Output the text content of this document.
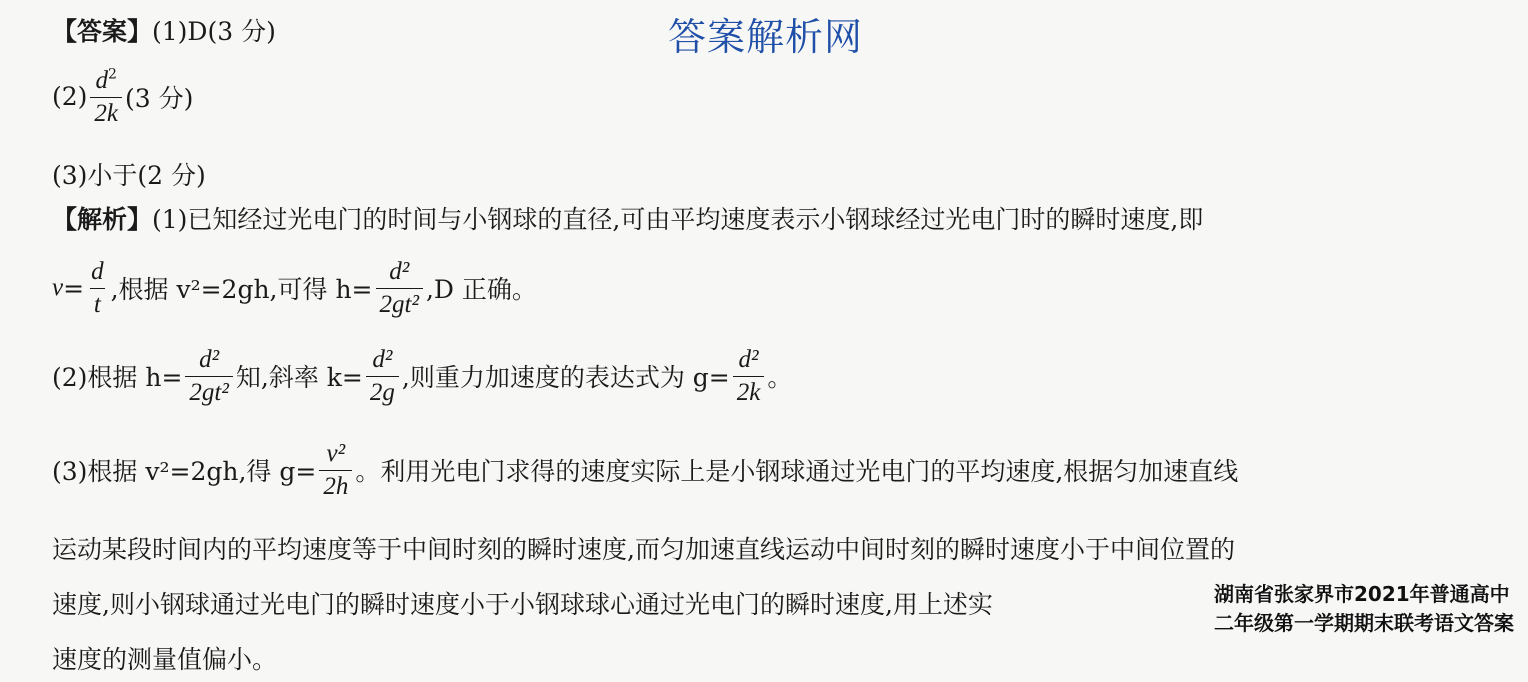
答案解析网
【答案】(1)D(3 分)
$(2) \frac{d^2}{2k} (3$ 分)
(3)小于(2 分)
【解析】(1)已知经过光电门的时间与小钢球的直径,可由平均速度表示小钢球经过光电门时的瞬时速度,即
$v = \frac{d}{t}$ ,根据 v²=2gh,可得 $h= \frac{\text{d²}}{\text{2gt²}} ,D$ 正确。
(2)根据 $h= \frac{\text{d²}}{\text{2gt²}}$ 知,斜率 $k= \frac{\text{d²}}{2g}$ ,则重力加速度的表达式为 $g= \frac{\text{d²}}{2k}$ 。
(3)根据 v²=2gh,得 $g= \frac{\text{v²}}{2h}$ 。利用光电门求得的速度实际上是小钢球通过光电门的平均速度,根据匀加速直线
运动某段时间内的平均速度等于中间时刻的瞬时速度,而匀加速直线运动中间时刻的瞬时速度小于中间位置的
速度,则小钢球通过光电门的瞬时速度小于小钢球球心通过光电门的瞬时速度,用上述实
速度的测量值偏小。
湖南省张家界市2021年普通高中二年级第一学期期末联考语文答案
